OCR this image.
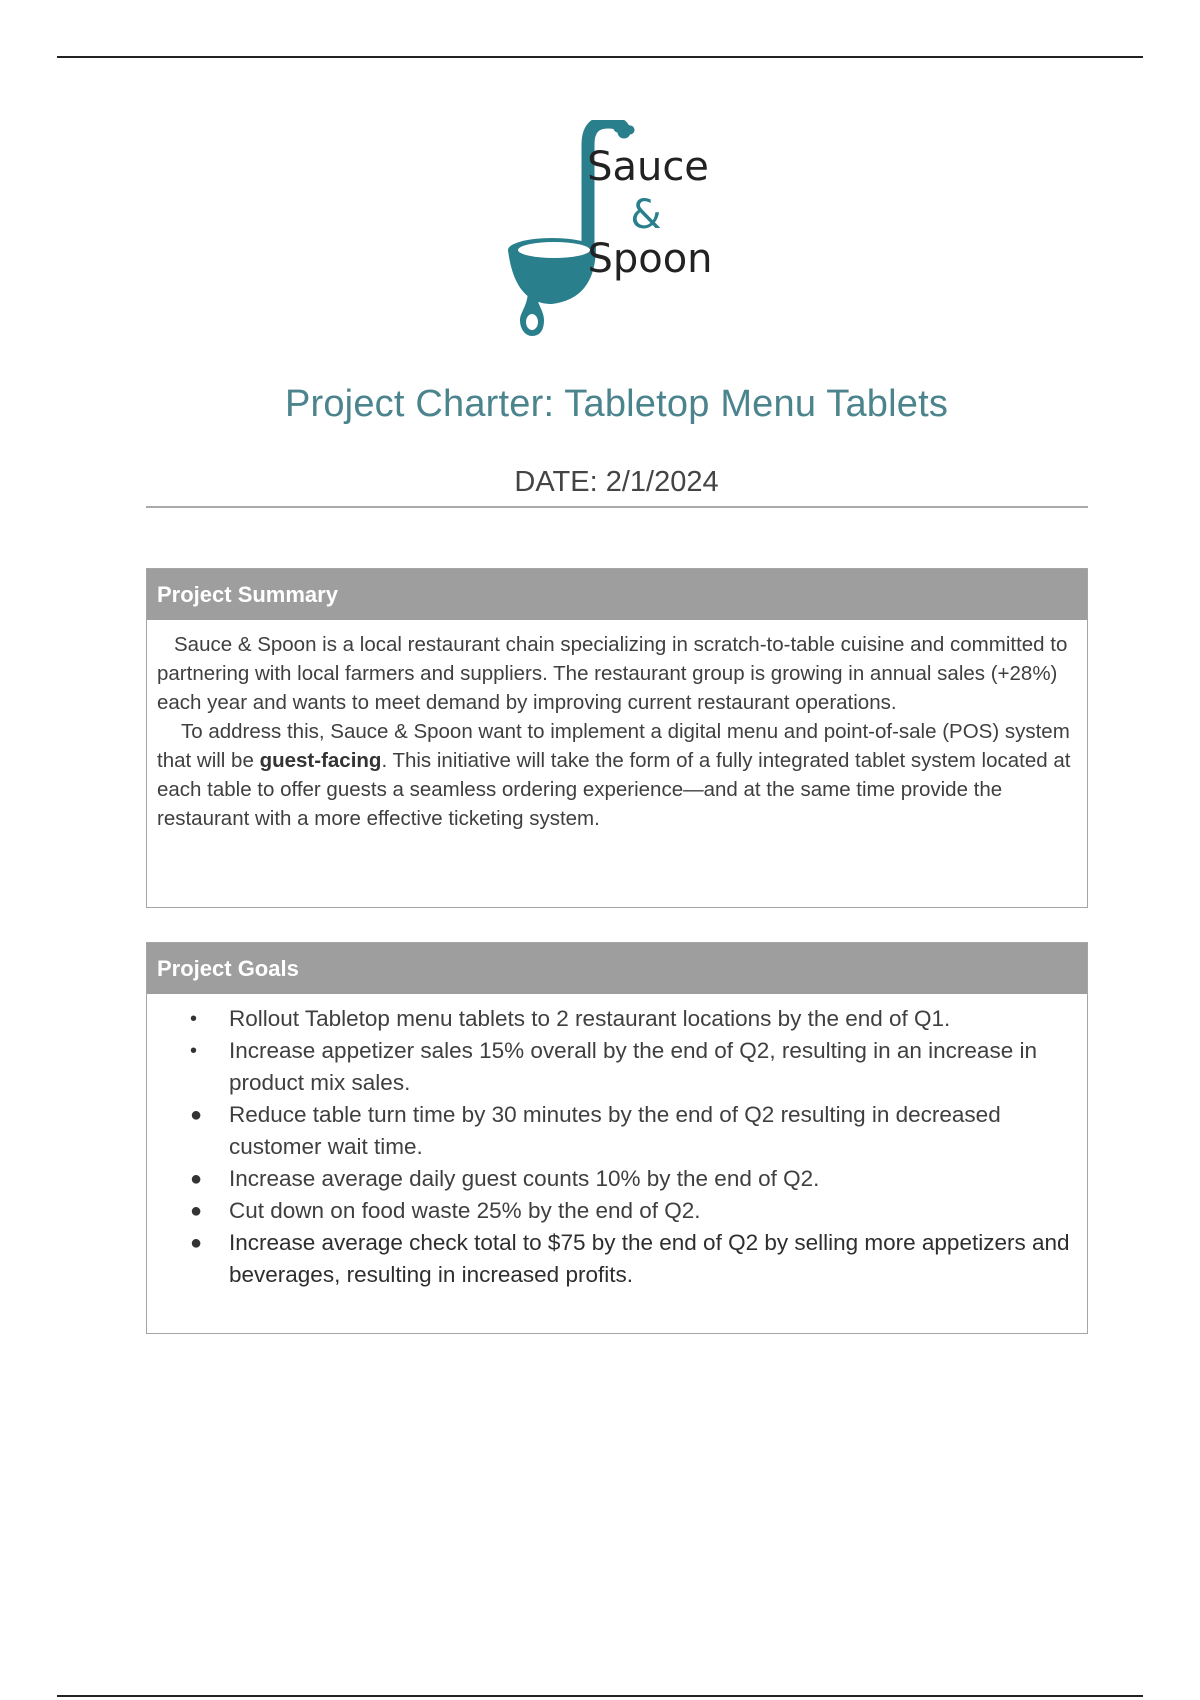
Sauce
&
Spoon
Project Charter: Tabletop Menu Tablets
DATE: 2/1/2024
Project Summary

Sauce & Spoon is a local restaurant chain specializing in scratch-to-table cuisine and committed to partnering with local farmers and suppliers. The restaurant group is growing in annual sales (+28%) each year and wants to meet demand by improving current restaurant operations.

To address this, Sauce & Spoon want to implement a digital menu and point-of-sale (POS) system that will be guest-facing. This initiative will take the form of a fully integrated tablet system located at each table to offer guests a seamless ordering experience—and at the same time provide the restaurant with a more effective ticketing system.

Project Goals
• Rollout Tabletop menu tablets to 2 restaurant locations by the end of Q1.
• Increase appetizer sales 15% overall by the end of Q2, resulting in an increase in product mix sales.
● Reduce table turn time by 30 minutes by the end of Q2 resulting in decreased customer wait time.
● Increase average daily guest counts 10% by the end of Q2.
● Cut down on food waste 25% by the end of Q2.
● Increase average check total to $75 by the end of Q2 by selling more appetizers and beverages, resulting in increased profits.
